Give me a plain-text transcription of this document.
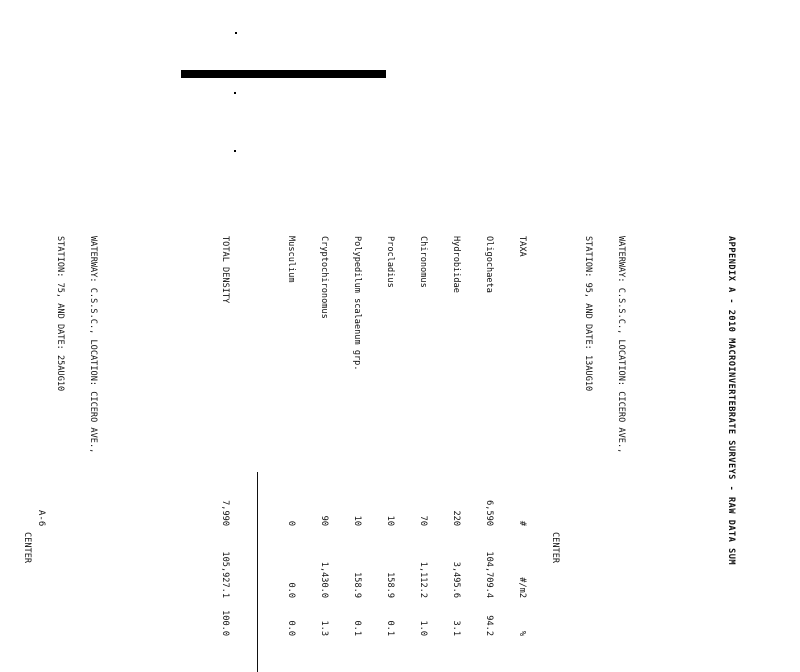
A-6

	APPENDIX A - 2010 MACROINVERTEBRATE SURVEYS - RAW DATA SUM

WATERWAY: C.S.S.C., LOCATION: CICERO AVE.,

STATION: 95, AND DATE: 13AUG10

CENTER

TAXA
#
#/m2
%

Oligochaeta
6,590
104,709.4
94.2

Hydrobiidae
220
3,495.6
3.1

Chironomus
70
1,112.2
1.0

Procladius
10
158.9
0.1

Polypedilum scalaenum grp.
10
158.9
0.1

Cryptochironomus
90
1,430.0
1.3

Musculium
0
0.0
0.0

TOTAL DENSITY
7,990
105,927.1
100.0

WATERWAY: C.S.S.C., LOCATION: CICERO AVE.,

STATION: 75, AND DATE: 25AUG10

CENTER
